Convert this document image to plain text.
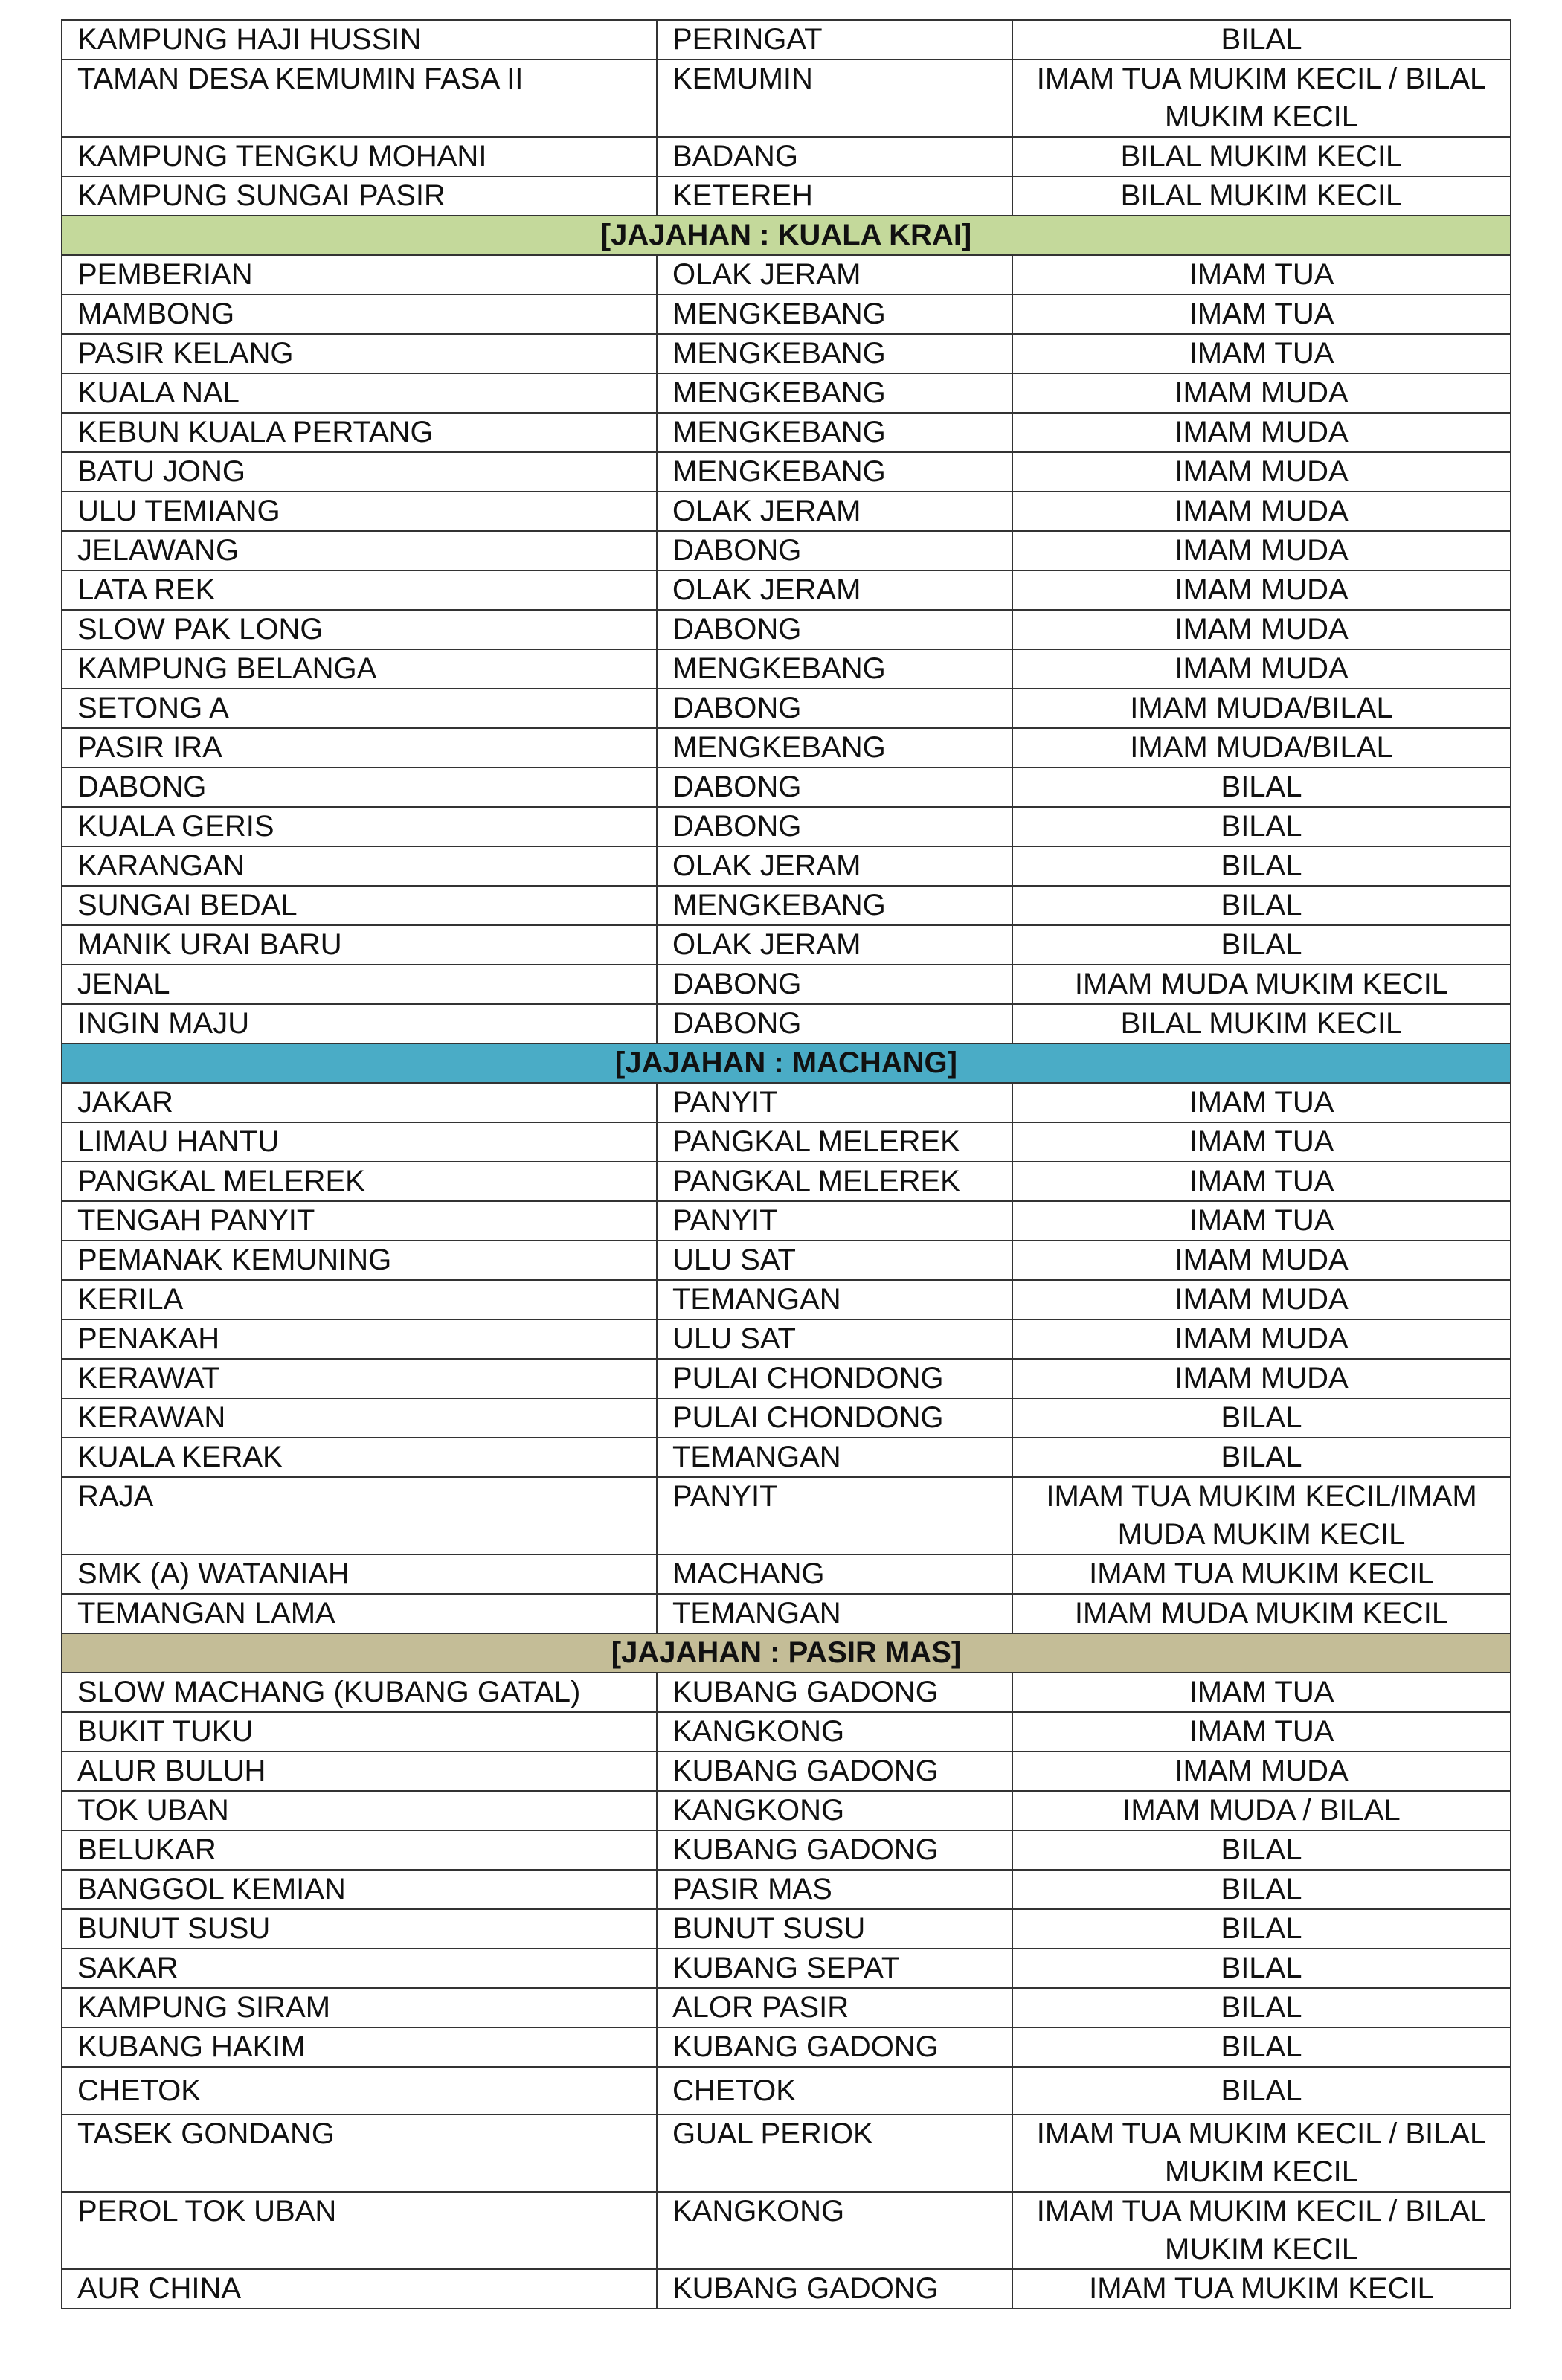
KAMPUNG HAJI HUSSIN	PERINGAT	BILAL
TAMAN DESA KEMUMIN FASA II	KEMUMIN	IMAM TUA MUKIM KECIL / BILAL MUKIM KECIL
KAMPUNG TENGKU MOHANI	BADANG	BILAL MUKIM KECIL
KAMPUNG SUNGAI PASIR	KETEREH	BILAL MUKIM KECIL
[JAJAHAN : KUALA KRAI]		
PEMBERIAN	OLAK JERAM	IMAM TUA
MAMBONG	MENGKEBANG	IMAM TUA
PASIR KELANG	MENGKEBANG	IMAM TUA
KUALA NAL	MENGKEBANG	IMAM MUDA
KEBUN KUALA PERTANG	MENGKEBANG	IMAM MUDA
BATU JONG	MENGKEBANG	IMAM MUDA
ULU TEMIANG	OLAK JERAM	IMAM MUDA
JELAWANG	DABONG	IMAM MUDA
LATA REK	OLAK JERAM	IMAM MUDA
SLOW PAK LONG	DABONG	IMAM MUDA
KAMPUNG BELANGA	MENGKEBANG	IMAM MUDA
SETONG A	DABONG	IMAM MUDA/BILAL
PASIR IRA	MENGKEBANG	IMAM MUDA/BILAL
DABONG	DABONG	BILAL
KUALA GERIS	DABONG	BILAL
KARANGAN	OLAK JERAM	BILAL
SUNGAI BEDAL	MENGKEBANG	BILAL
MANIK URAI BARU	OLAK JERAM	BILAL
JENAL	DABONG	IMAM MUDA MUKIM KECIL
INGIN MAJU	DABONG	BILAL MUKIM KECIL
[JAJAHAN : MACHANG]		
JAKAR	PANYIT	IMAM TUA
LIMAU HANTU	PANGKAL MELEREK	IMAM TUA
PANGKAL MELEREK	PANGKAL MELEREK	IMAM TUA
TENGAH PANYIT	PANYIT	IMAM TUA
PEMANAK KEMUNING	ULU SAT	IMAM MUDA
KERILA	TEMANGAN	IMAM MUDA
PENAKAH	ULU SAT	IMAM MUDA
KERAWAT	PULAI CHONDONG	IMAM MUDA
KERAWAN	PULAI CHONDONG	BILAL
KUALA KERAK	TEMANGAN	BILAL
RAJA	PANYIT	IMAM TUA MUKIM KECIL/IMAM MUDA MUKIM KECIL
SMK (A) WATANIAH	MACHANG	IMAM TUA MUKIM KECIL
TEMANGAN LAMA	TEMANGAN	IMAM MUDA MUKIM KECIL
[JAJAHAN : PASIR MAS]		
SLOW MACHANG (KUBANG GATAL)	KUBANG GADONG	IMAM TUA
BUKIT TUKU	KANGKONG	IMAM TUA
ALUR BULUH	KUBANG GADONG	IMAM MUDA
TOK UBAN	KANGKONG	IMAM MUDA / BILAL
BELUKAR	KUBANG GADONG	BILAL
BANGGOL KEMIAN	PASIR MAS	BILAL
BUNUT SUSU	BUNUT SUSU	BILAL
SAKAR	KUBANG SEPAT	BILAL
KAMPUNG SIRAM	ALOR PASIR	BILAL
KUBANG HAKIM	KUBANG GADONG	BILAL
CHETOK	CHETOK	BILAL
TASEK GONDANG	GUAL PERIOK	IMAM TUA MUKIM KECIL / BILAL MUKIM KECIL
PEROL TOK UBAN	KANGKONG	IMAM TUA MUKIM KECIL / BILAL MUKIM KECIL
AUR CHINA	KUBANG GADONG	IMAM TUA MUKIM KECIL
